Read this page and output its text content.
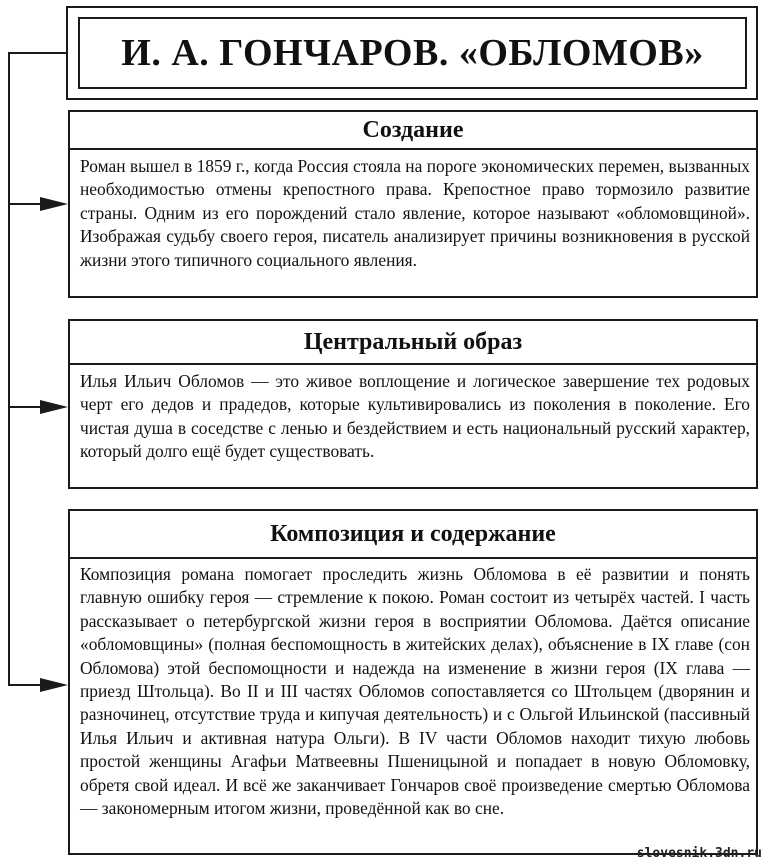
И. А. ГОНЧАРОВ. «ОБЛОМОВ»
Создание
Роман вышел в 1859 г., когда Россия стояла на пороге экономических перемен, вызванных необходимостью отмены крепостного права. Крепостное право тормозило развитие страны. Одним из его порождений стало явление, которое называют «обломовщиной». Изображая судьбу своего героя, писатель анализирует причины возникновения в русской жизни этого типичного социального явления.
Центральный образ
Илья Ильич Обломов — это живое воплощение и логическое завершение тех родовых черт его дедов и прадедов, которые культивировались из поколения в поколение. Его чистая душа в соседстве с ленью и бездействием и есть национальный русский характер, который долго ещё будет существовать.
Композиция и содержание
Композиция романа помогает проследить жизнь Обломова в её развитии и понять главную ошибку героя — стремление к покою. Роман состоит из четырёх частей. I часть рассказывает о петербургской жизни героя в восприятии Обломова. Даётся описание «обломовщины» (полная беспомощность в житейских делах), объяснение в IX главе (сон Обломова) этой беспомощности и надежда на изменение в жизни героя (IX глава — приезд Штольца). Во II и III частях Обломов сопоставляется со Штольцем (дворянин и разночинец, отсутствие труда и кипучая деятельность) и с Ольгой Ильинской (пассивный Илья Ильич и активная натура Ольги). В IV части Обломов находит тихую любовь простой женщины Агафьи Матвеевны Пшеницыной и попадает в новую Обломовку, обретя свой идеал. И всё же заканчивает Гончаров своё произведение смертью Обломова — закономерным итогом жизни, проведённой как во сне.
slovesnik.3dn.ru
